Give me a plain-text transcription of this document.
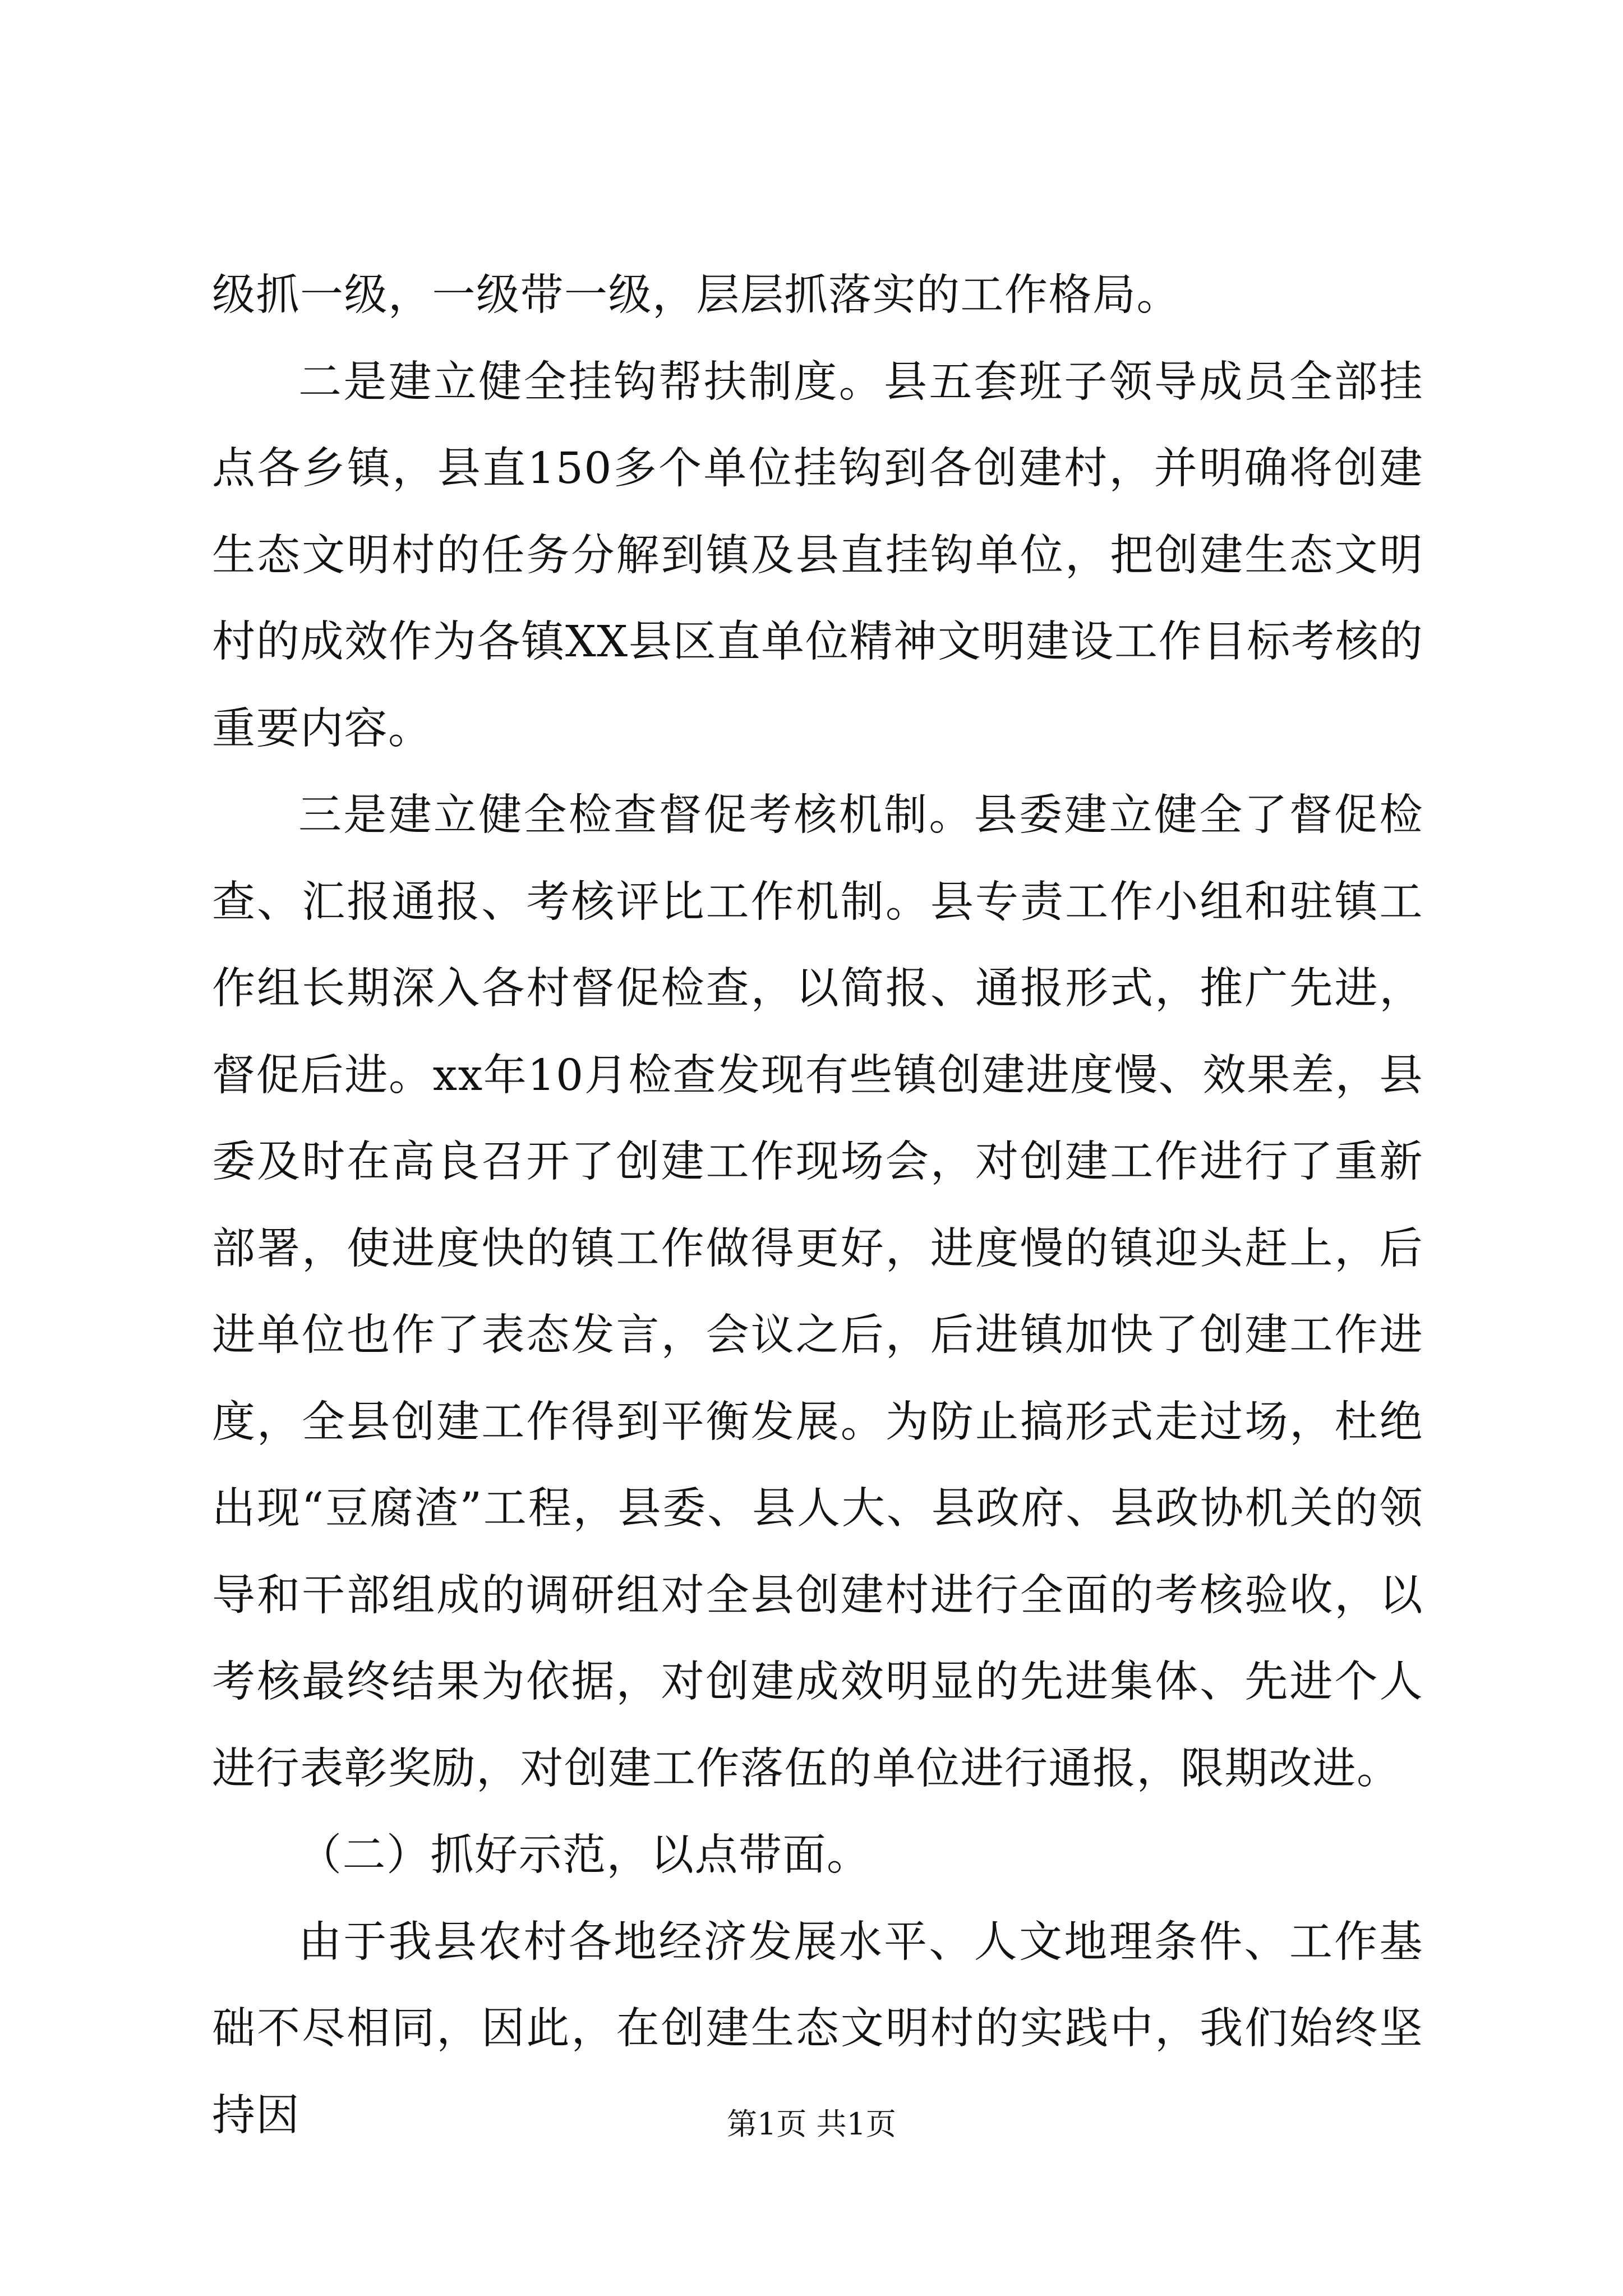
级抓一级，一级带一级，层层抓落实的工作格局。

二是建立健全挂钩帮扶制度。县五套班子领导成员全部挂点各乡镇，县直150多个单位挂钩到各创建村，并明确将创建生态文明村的任务分解到镇及县直挂钩单位，把创建生态文明村的成效作为各镇XX县区直单位精神文明建设工作目标考核的重要内容。

三是建立健全检查督促考核机制。县委建立健全了督促检查、汇报通报、考核评比工作机制。县专责工作小组和驻镇工作组长期深入各村督促检查，以简报、通报形式，推广先进，督促后进。xx年10月检查发现有些镇创建进度慢、效果差，县委及时在高良召开了创建工作现场会，对创建工作进行了重新部署，使进度快的镇工作做得更好，进度慢的镇迎头赶上，后进单位也作了表态发言，会议之后，后进镇加快了创建工作进度，全县创建工作得到平衡发展。为防止搞形式走过场，杜绝出现“豆腐渣”工程，县委、县人大、县政府、县政协机关的领导和干部组成的调研组对全县创建村进行全面的考核验收，以考核最终结果为依据，对创建成效明显的先进集体、先进个人进行表彰奖励，对创建工作落伍的单位进行通报，限期改进。

（二）抓好示范，以点带面。

由于我县农村各地经济发展水平、人文地理条件、工作基础不尽相同，因此，在创建生态文明村的实践中，我们始终坚持因	第1页 共1页
